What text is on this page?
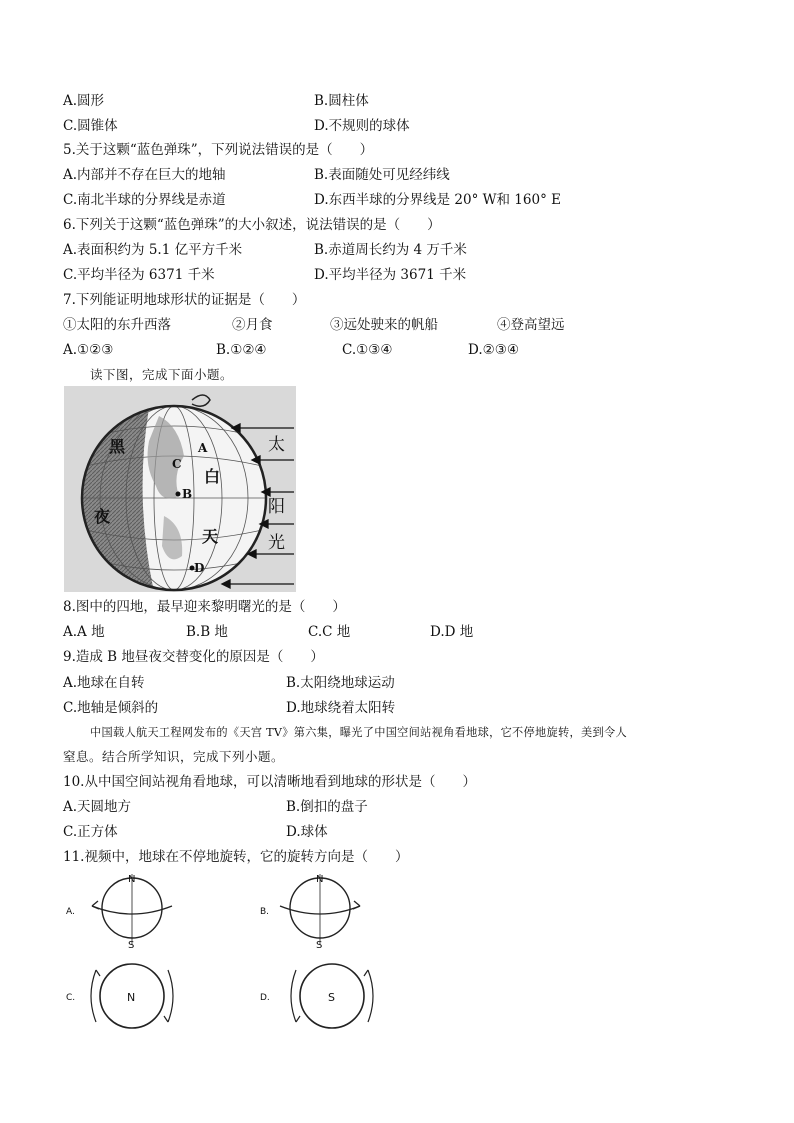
A.圆形	B.圆柱体
C.圆锥体	D.不规则的球体
5.关于这颗“蓝色弹珠”，下列说法错误的是（　　）
A.内部并不存在巨大的地轴	B.表面随处可见经纬线
C.南北半球的分界线是赤道	D.东西半球的分界线是 20° W和 160° E
6.下列关于这颗“蓝色弹珠”的大小叙述，说法错误的是（　　）
A.表面积约为 5.1 亿平方千米	B.赤道周长约为 4 万千米
C.平均半径为 6371 千米	D.平均半径为 3671 千米
7.下列能证明地球形状的证据是（　　）
①太阳的东升西落	②月食	③远处驶来的帆船	④登高望远
A.①②③	B.①②④	C.①③④	D.②③④
读下图，完成下面小题。
黑
夜
白
天
A
B
C
D
太
阳
光
8.图中的四地，最早迎来黎明曙光的是（　　）
A.A 地	B.B 地	C.C 地	D.D 地
9.造成 B 地昼夜交替变化的原因是（　　）
A.地球在自转	B.太阳绕地球运动
C.地轴是倾斜的	D.地球绕着太阳转
中国载人航天工程网发布的《天宫 TV》第六集，曝光了中国空间站视角看地球，它不停地旋转，美到令人
窒息。结合所学知识，完成下列小题。
10.从中国空间站视角看地球，可以清晰地看到地球的形状是（　　）
A.天圆地方	B.倒扣的盘子
C.正方体	D.球体
11.视频中，地球在不停地旋转，它的旋转方向是（　　）
A.
N
S
B.
N
S
C.	N	D.	S
